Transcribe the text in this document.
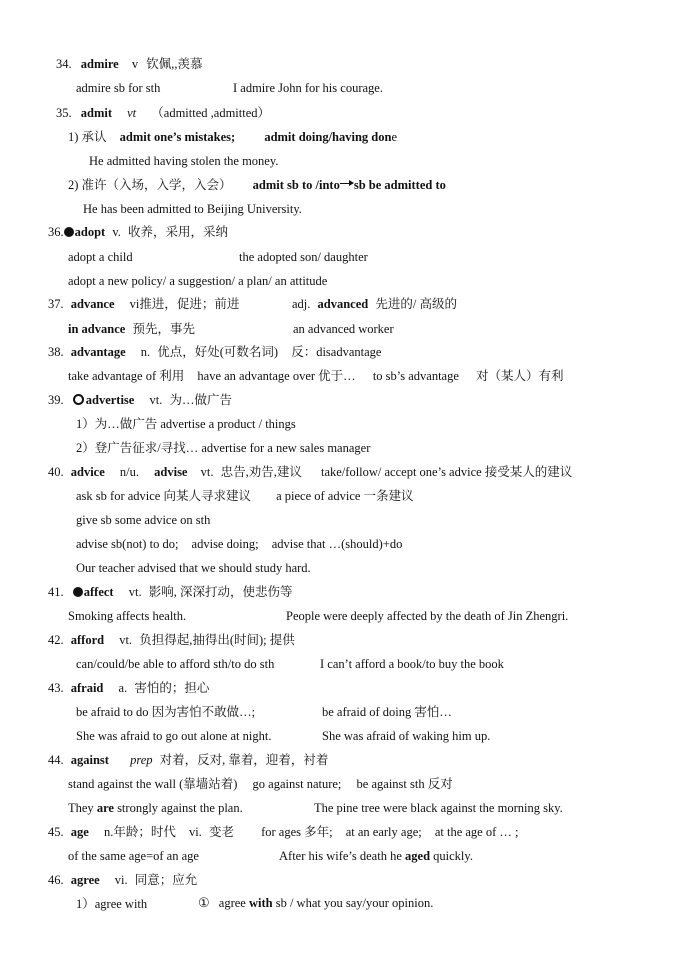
34. admire v 钦佩,,羡慕
admire sb for sth	I admire John for his courage.
35. admit vt （admitted ,admitted）
1) 承认 admit one’s mistakes; admit doing/having done
He admitted having stolen the money.
2) 准许（入场，入学，入会） admit sb to /into sb be admitted to
He has been admitted to Beijing University.
36. adopt v. 收养，采用，采纳
adopt a child	the adopted son/ daughter
adopt a new policy/ a suggestion/ a plan/ an attitude
37. advance vi推进，促进；前进	adj. advanced 先进的/ 高级的
in advance 预先，事先	an advanced worker
38. advantage n. 优点，好处(可数名词) 反：disadvantage
take advantage of 利用 have an advantage over 优于… to sb’s advantage 对（某人）有利
39. advertise vt. 为…做广告
1）为…做广告 advertise a product / things
2）登广告征求/寻找… advertise for a new sales manager
40. advice n/u. advise vt. 忠告,劝告,建议 take/follow/ accept one’s advice 接受某人的建议
ask sb for advice 向某人寻求建议 a piece of advice 一条建议
give sb some advice on sth
advise sb(not) to do; advise doing; advise that …(should)+do
Our teacher advised that we should study hard.
41. affect vt. 影响, 深深打动，使悲伤等
Smoking affects health.	People were deeply affected by the death of Jin Zhengri.
42. afford vt. 负担得起,抽得出(时间); 提供
can/could/be able to afford sth/to do sth	I can’t afford a book/to buy the book
43. afraid a. 害怕的；担心
be afraid to do 因为害怕不敢做…;	be afraid of doing 害怕…
She was afraid to go out alone at night.	She was afraid of waking him up.
44. against prep 对着，反对, 靠着，迎着，衬着
stand against the wall (靠墙站着) go against nature; be against sth 反对
They are strongly against the plan.	The pine tree were black against the morning sky.
45. age n.年龄；时代 vi. 变老 for ages 多年; at an early age; at the age of … ;
of the same age=of an age	After his wife’s death he aged quickly.
46. agree vi. 同意；应允
1）agree with	① agree with sb / what you say/your opinion.
